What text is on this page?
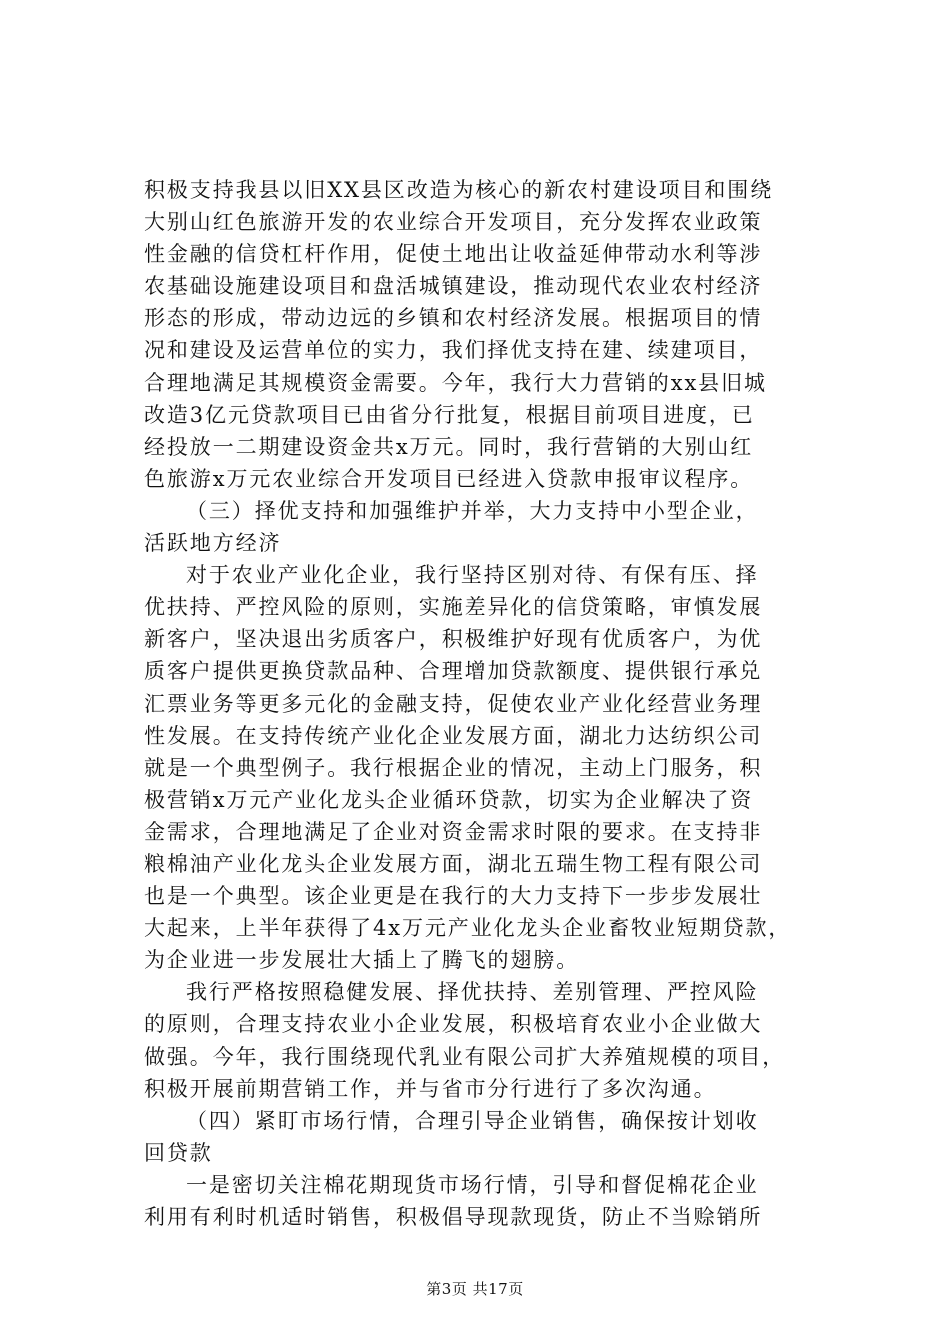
积极支持我县以旧XX县区改造为核心的新农村建设项目和围绕
大别山红色旅游开发的农业综合开发项目，充分发挥农业政策
性金融的信贷杠杆作用，促使土地出让收益延伸带动水利等涉
农基础设施建设项目和盘活城镇建设，推动现代农业农村经济
形态的形成，带动边远的乡镇和农村经济发展。根据项目的情
况和建设及运营单位的实力，我们择优支持在建、续建项目，
合理地满足其规模资金需要。今年，我行大力营销的xx县旧城
改造3亿元贷款项目已由省分行批复，根据目前项目进度，已
经投放一二期建设资金共x万元。同时，我行营销的大别山红
色旅游x万元农业综合开发项目已经进入贷款申报审议程序。
（三）择优支持和加强维护并举，大力支持中小型企业，
活跃地方经济
对于农业产业化企业，我行坚持区别对待、有保有压、择
优扶持、严控风险的原则，实施差异化的信贷策略，审慎发展
新客户，坚决退出劣质客户，积极维护好现有优质客户，为优
质客户提供更换贷款品种、合理增加贷款额度、提供银行承兑
汇票业务等更多元化的金融支持，促使农业产业化经营业务理
性发展。在支持传统产业化企业发展方面，湖北力达纺织公司
就是一个典型例子。我行根据企业的情况，主动上门服务，积
极营销x万元产业化龙头企业循环贷款，切实为企业解决了资
金需求，合理地满足了企业对资金需求时限的要求。在支持非
粮棉油产业化龙头企业发展方面，湖北五瑞生物工程有限公司
也是一个典型。该企业更是在我行的大力支持下一步步发展壮
大起来，上半年获得了4x万元产业化龙头企业畜牧业短期贷款，
为企业进一步发展壮大插上了腾飞的翅膀。
我行严格按照稳健发展、择优扶持、差别管理、严控风险
的原则，合理支持农业小企业发展，积极培育农业小企业做大
做强。今年，我行围绕现代乳业有限公司扩大养殖规模的项目，
积极开展前期营销工作，并与省市分行进行了多次沟通。
（四）紧盯市场行情，合理引导企业销售，确保按计划收
回贷款
一是密切关注棉花期现货市场行情，引导和督促棉花企业
利用有利时机适时销售，积极倡导现款现货，防止不当赊销所
第3页 共17页
